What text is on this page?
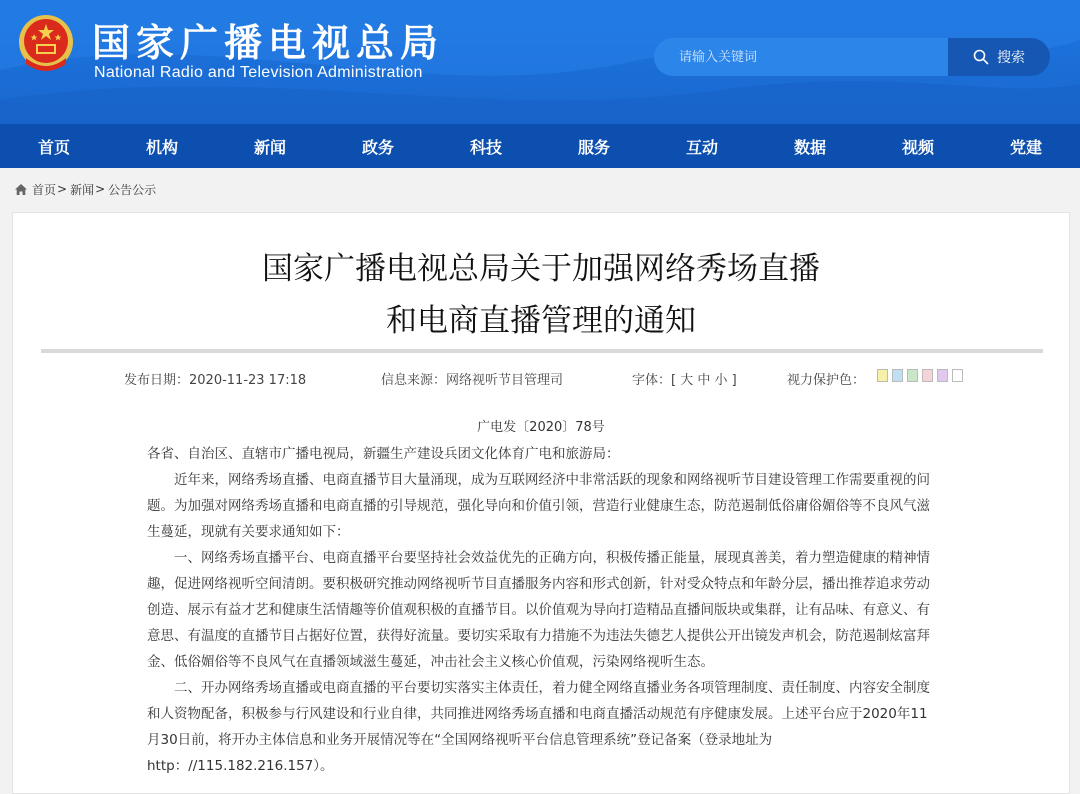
国家广播电视总局
National Radio and Television Administration
请输入关键词
搜索
首页	机构	新闻	政务	科技	服务	互动	数据	视频	党建
首页 > 新闻 > 公告公示
国家广播电视总局关于加强网络秀场直播
和电商直播管理的通知
发布日期：2020-11-23 17:18	信息来源：网络视听节目管理司	字体：[ 大 中 小 ]	视力保护色：
广电发〔2020〕78号

各省、自治区、直辖市广播电视局，新疆生产建设兵团文化体育广电和旅游局：

近年来，网络秀场直播、电商直播节目大量涌现，成为互联网经济中非常活跃的现象和网络视听节目建设管理工作需要重视的问题。为加强对网络秀场直播和电商直播的引导规范，强化导向和价值引领，营造行业健康生态，防范遏制低俗庸俗媚俗等不良风气滋生蔓延，现就有关要求通知如下：

一、网络秀场直播平台、电商直播平台要坚持社会效益优先的正确方向，积极传播正能量，展现真善美，着力塑造健康的精神情趣，促进网络视听空间清朗。要积极研究推动网络视听节目直播服务内容和形式创新，针对受众特点和年龄分层，播出推荐追求劳动创造、展示有益才艺和健康生活情趣等价值观积极的直播节目。以价值观为导向打造精品直播间版块或集群，让有品味、有意义、有意思、有温度的直播节目占据好位置，获得好流量。要切实采取有力措施不为违法失德艺人提供公开出镜发声机会，防范遏制炫富拜金、低俗媚俗等不良风气在直播领域滋生蔓延，冲击社会主义核心价值观，污染网络视听生态。

二、开办网络秀场直播或电商直播的平台要切实落实主体责任，着力健全网络直播业务各项管理制度、责任制度、内容安全制度和人资物配备，积极参与行风建设和行业自律，共同推进网络秀场直播和电商直播活动规范有序健康发展。上述平台应于2020年11月30日前，将开办主体信息和业务开展情况等在“全国网络视听平台信息管理系统”登记备案（登录地址为http：//115.182.216.157）。
